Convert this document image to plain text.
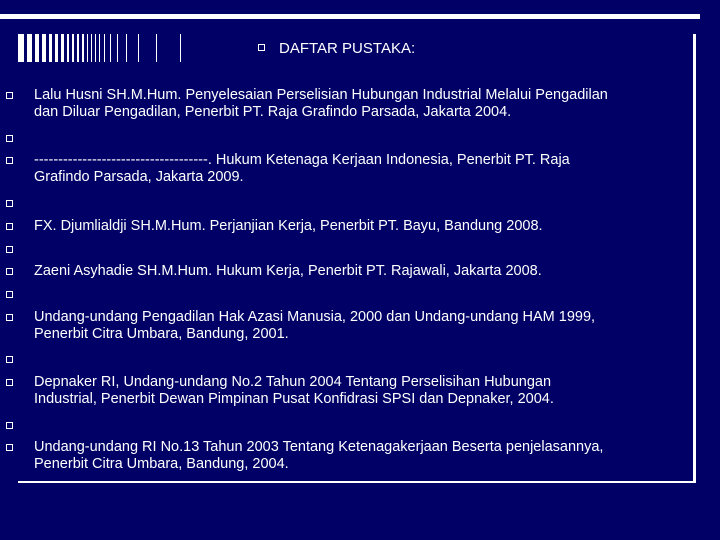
DAFTAR PUSTAKA:
Lalu Husni SH.M.Hum. Penyelesaian Perselisian Hubungan Industrial Melalui Pengadilan
dan Diluar Pengadilan, Penerbit PT. Raja Grafindo Parsada, Jakarta 2004.
------------------------------------. Hukum Ketenaga Kerjaan Indonesia, Penerbit PT. Raja
Grafindo Parsada, Jakarta 2009.
FX. Djumlialdji SH.M.Hum. Perjanjian Kerja, Penerbit PT. Bayu, Bandung 2008.
Zaeni Asyhadie SH.M.Hum. Hukum Kerja, Penerbit PT. Rajawali, Jakarta 2008.
Undang-undang Pengadilan Hak Azasi Manusia, 2000 dan Undang-undang HAM 1999,
Penerbit Citra Umbara, Bandung, 2001.
Depnaker RI, Undang-undang No.2 Tahun 2004 Tentang Perselisihan Hubungan
Industrial, Penerbit Dewan Pimpinan Pusat Konfidrasi SPSI dan Depnaker, 2004.
Undang-undang RI No.13 Tahun 2003 Tentang Ketenagakerjaan Beserta penjelasannya,
Penerbit Citra Umbara, Bandung, 2004.
